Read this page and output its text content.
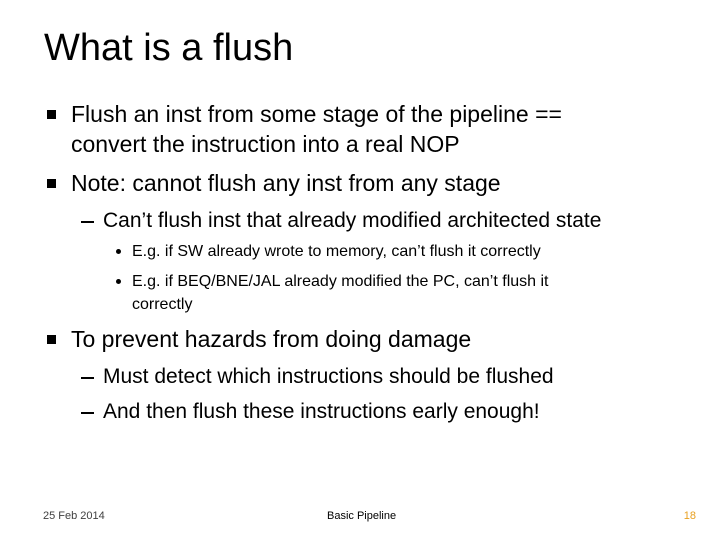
What is a flush
Flush an inst from some stage of the pipeline ==
convert the instruction into a real NOP
Note: cannot flush any inst from any stage
Can’t flush inst that already modified architected state
E.g. if SW already wrote to memory, can’t flush it correctly
E.g. if BEQ/BNE/JAL already modified the PC, can’t flush it
correctly
To prevent hazards from doing damage
Must detect which instructions should be flushed
And then flush these instructions early enough!
25 Feb 2014	Basic Pipeline	18
